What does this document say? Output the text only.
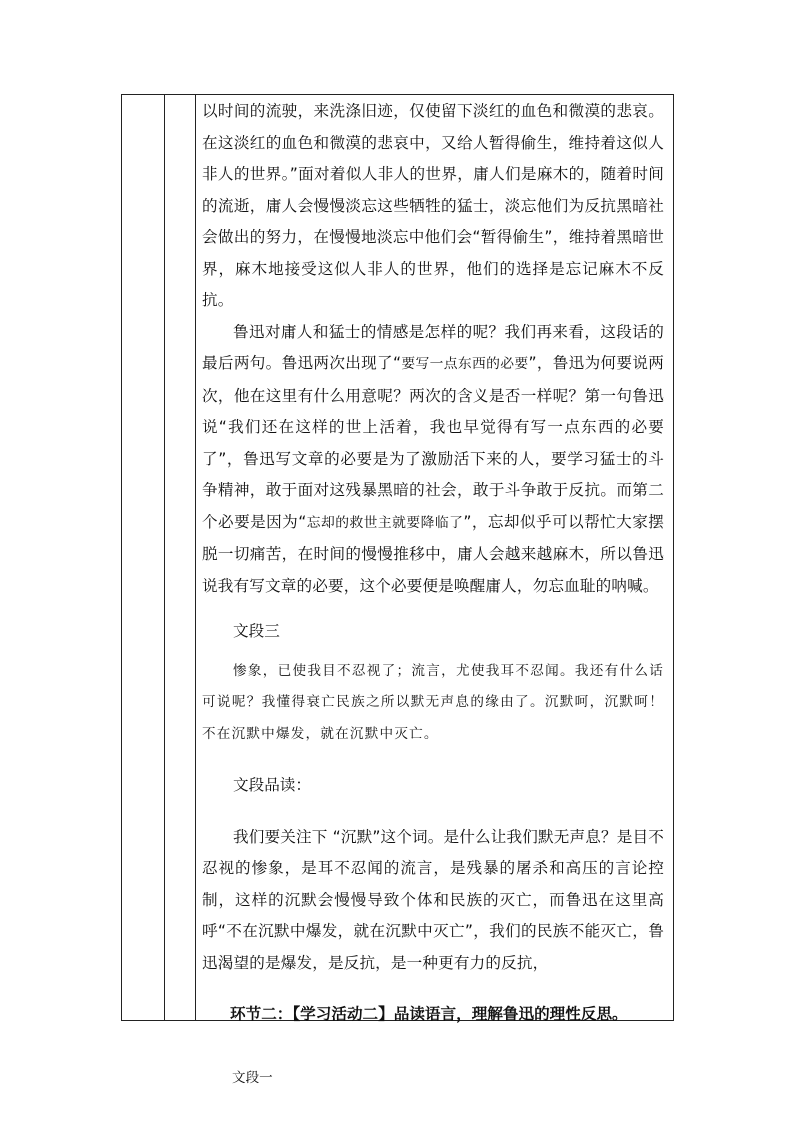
以时间的流驶，来洗涤旧迹，仅使留下淡红的血色和微漠的悲哀。在这淡红的血色和微漠的悲哀中，又给人暂得偷生，维持着这似人非人的世界。”面对着似人非人的世界，庸人们是麻木的，随着时间的流逝，庸人会慢慢淡忘这些牺牲的猛士，淡忘他们为反抗黑暗社会做出的努力，在慢慢地淡忘中他们会“暂得偷生”，维持着黑暗世界，麻木地接受这似人非人的世界，他们的选择是忘记麻木不反抗。

鲁迅对庸人和猛士的情感是怎样的呢？我们再来看，这段话的最后两句。鲁迅两次出现了“要写一点东西的必要”，鲁迅为何要说两次，他在这里有什么用意呢？两次的含义是否一样呢？第一句鲁迅说“我们还在这样的世上活着，我也早觉得有写一点东西的必要了”，鲁迅写文章的必要是为了激励活下来的人，要学习猛士的斗争精神，敢于面对这残暴黑暗的社会，敢于斗争敢于反抗。而第二个必要是因为“忘却的救世主就要降临了”，忘却似乎可以帮忙大家摆脱一切痛苦，在时间的慢慢推移中，庸人会越来越麻木，所以鲁迅说我有写文章的必要，这个必要便是唤醒庸人，勿忘血耻的呐喊。

文段三

惨象，已使我目不忍视了；流言，尤使我耳不忍闻。我还有什么话可说呢？我懂得衰亡民族之所以默无声息的缘由了。沉默呵，沉默呵！不在沉默中爆发，就在沉默中灭亡。

文段品读：

我们要关注下 “沉默”这个词。是什么让我们默无声息？是目不忍视的惨象，是耳不忍闻的流言，是残暴的屠杀和高压的言论控制，这样的沉默会慢慢导致个体和民族的灭亡，而鲁迅在这里高呼“不在沉默中爆发，就在沉默中灭亡”，我们的民族不能灭亡，鲁迅渴望的是爆发，是反抗，是一种更有力的反抗，

环节二：【学习活动二】品读语言，理解鲁迅的理性反思。

文段一
